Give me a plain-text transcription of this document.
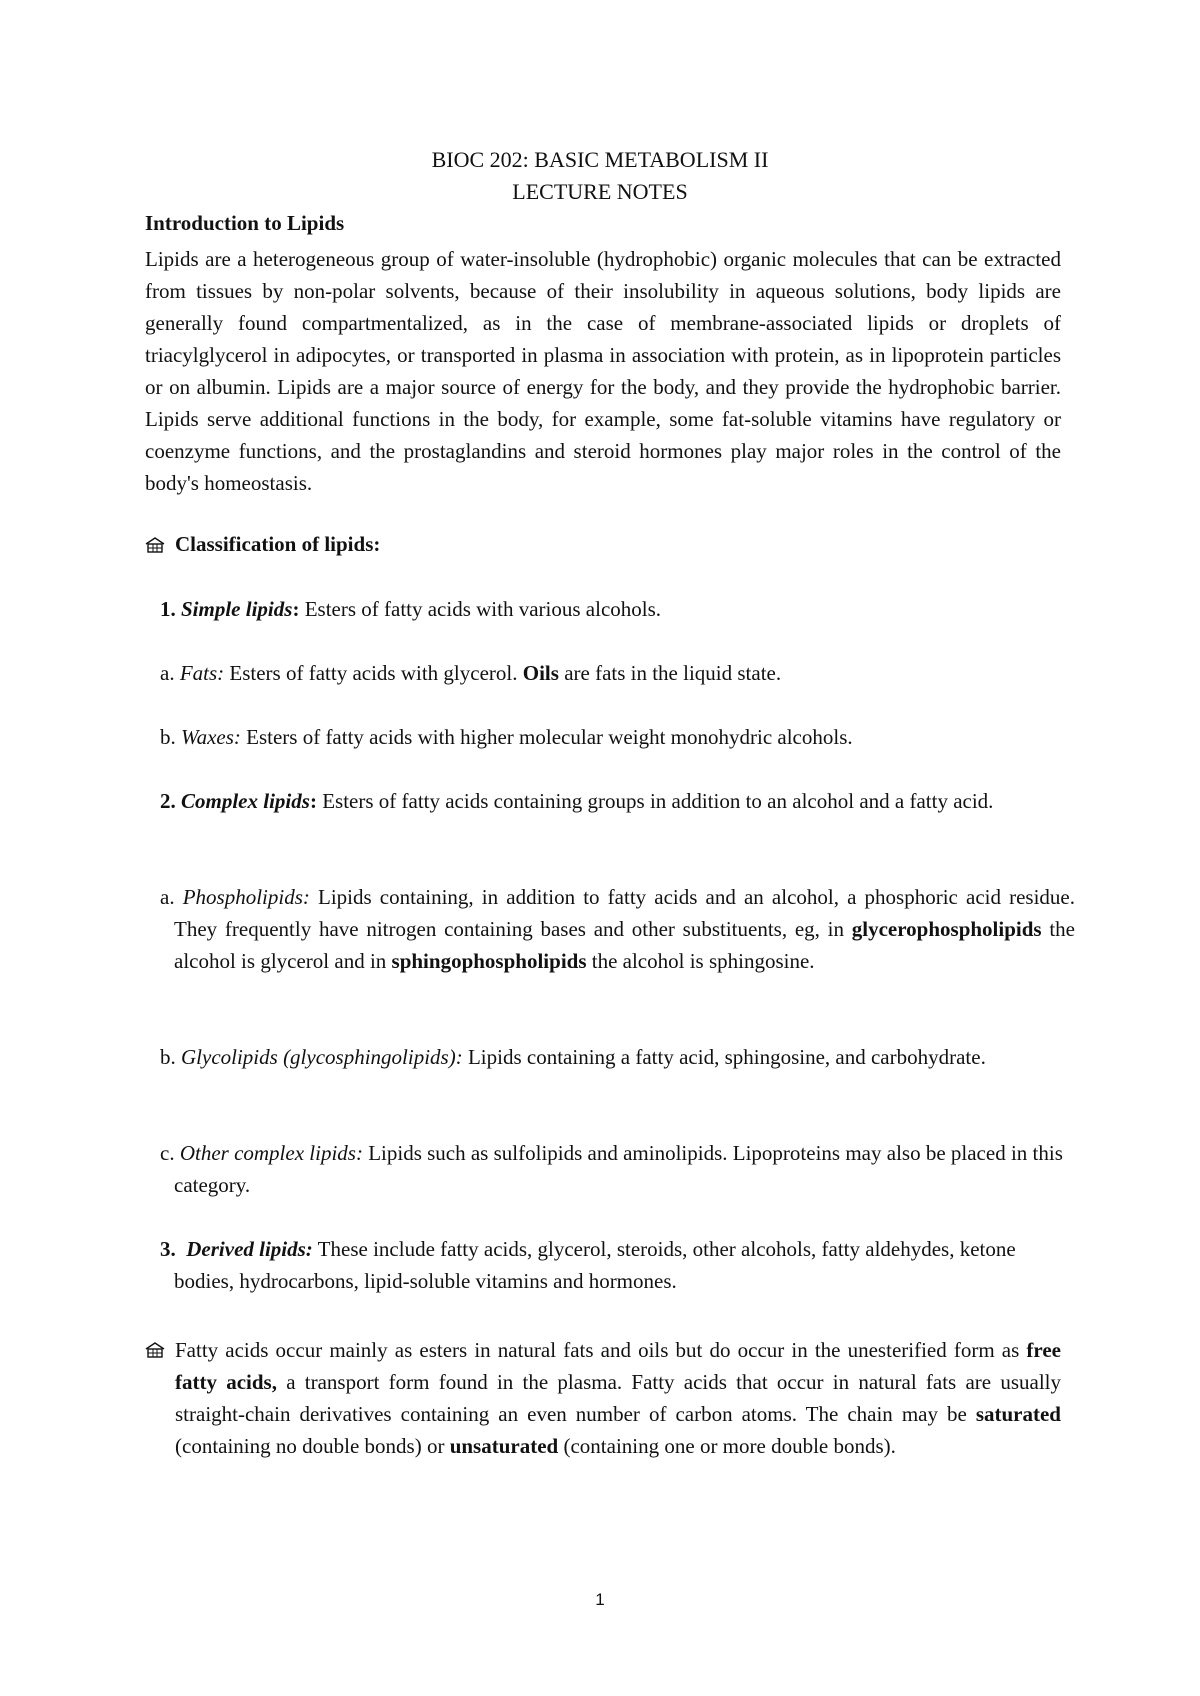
BIOC 202: BASIC METABOLISM II

LECTURE NOTES

Introduction to Lipids

Lipids are a heterogeneous group of water-insoluble (hydrophobic) organic molecules that can be extracted from tissues by non-polar solvents, because of their insolubility in aqueous solutions, body lipids are generally found compartmentalized, as in the case of membrane-associated lipids or droplets of triacylglycerol in adipocytes, or transported in plasma in association with protein, as in lipoprotein particles or on albumin. Lipids are a major source of energy for the body, and they provide the hydrophobic barrier. Lipids serve additional functions in the body, for example, some fat-soluble vitamins have regulatory or coenzyme functions, and the prostaglandins and steroid hormones play major roles in the control of the body's homeostasis.

Classification of lipids:

1. Simple lipids: Esters of fatty acids with various alcohols.

a. Fats: Esters of fatty acids with glycerol. Oils are fats in the liquid state.

b. Waxes: Esters of fatty acids with higher molecular weight monohydric alcohols.

2. Complex lipids: Esters of fatty acids containing groups in addition to an alcohol and a fatty acid.

a. Phospholipids: Lipids containing, in addition to fatty acids and an alcohol, a phosphoric acid residue. They frequently have nitrogen containing bases and other substituents, eg, in glycerophospholipids the alcohol is glycerol and in sphingophospholipids the alcohol is sphingosine.

b. Glycolipids (glycosphingolipids): Lipids containing a fatty acid, sphingosine, and carbohydrate.

c. Other complex lipids: Lipids such as sulfolipids and aminolipids. Lipoproteins may also be placed in this category.

3. Derived lipids: These include fatty acids, glycerol, steroids, other alcohols, fatty aldehydes, ketone bodies, hydrocarbons, lipid-soluble vitamins and hormones.

Fatty acids occur mainly as esters in natural fats and oils but do occur in the unesterified form as free fatty acids, a transport form found in the plasma. Fatty acids that occur in natural fats are usually straight-chain derivatives containing an even number of carbon atoms. The chain may be saturated (containing no double bonds) or unsaturated (containing one or more double bonds).

1
